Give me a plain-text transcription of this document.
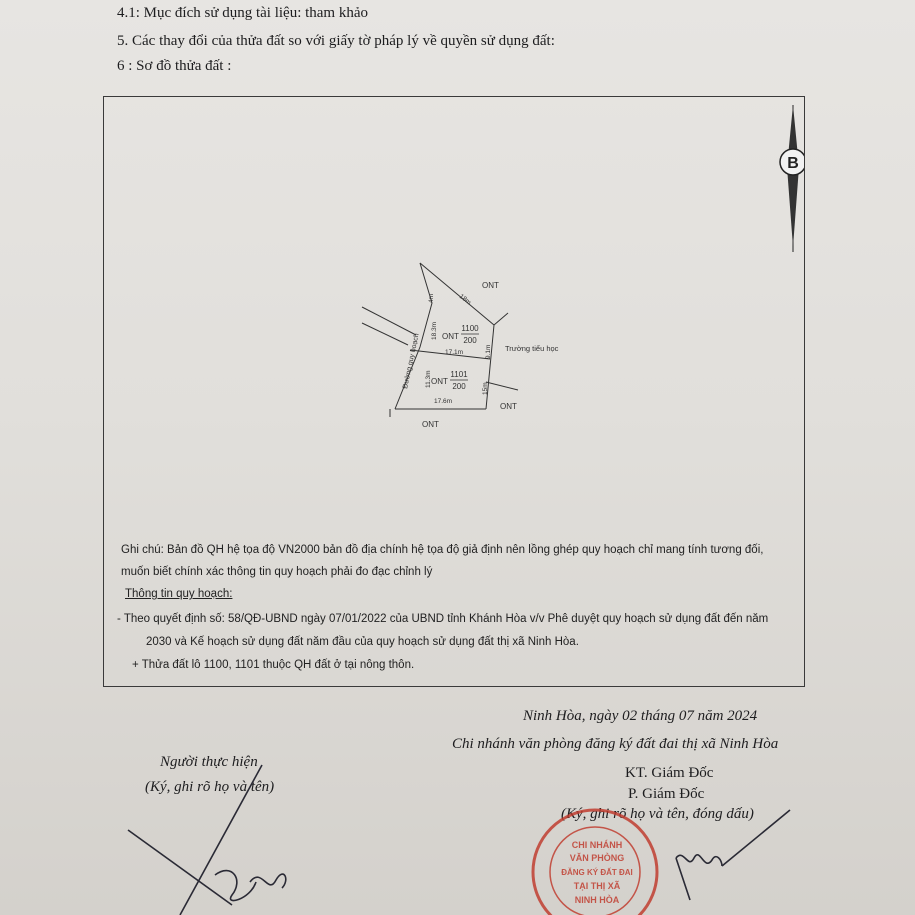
4.1: Mục đích sử dụng tài liệu: tham khảo
5. Các thay đổi của thửa đất so với giấy tờ pháp lý về quyền sử dụng đất:
6 : Sơ đồ thửa đất :
B
ONT
ONT
1100
200
ONT
1101
200
Trường tiểu học
ONT
ONT
Đường quy hoạch
18m
17.1m
17.6m
18.3m
11.3m
9.1m
15m
4m
Ghi chú: Bản đồ QH hệ tọa độ VN2000 bản đồ địa chính hệ tọa độ giả định nên lồng ghép quy hoạch chỉ mang tính tương đối,
muốn biết chính xác thông tin quy hoạch phải đo đạc chỉnh lý
Thông tin quy hoạch:
- Theo quyết định số: 58/QĐ-UBND ngày 07/01/2022 của UBND tỉnh Khánh Hòa v/v Phê duyệt quy hoạch sử dụng đất đến năm
2030 và Kế hoạch sử dụng đất năm đầu của quy hoạch sử dụng đất thị xã Ninh Hòa.
+ Thửa đất lô 1100, 1101 thuộc QH đất ở tại nông thôn.
Ninh Hòa, ngày 02 tháng 07 năm 2024
Chi nhánh văn phòng đăng ký đất đai thị xã Ninh Hòa
KT. Giám Đốc
P. Giám Đốc
(Ký, ghi rõ họ và tên, đóng dấu)
Người thực hiện
(Ký, ghi rõ họ và tên)
CHI NHÁNH
VĂN PHÒNG
ĐĂNG KÝ ĐẤT ĐAI
TẠI THỊ XÃ
NINH HÒA
